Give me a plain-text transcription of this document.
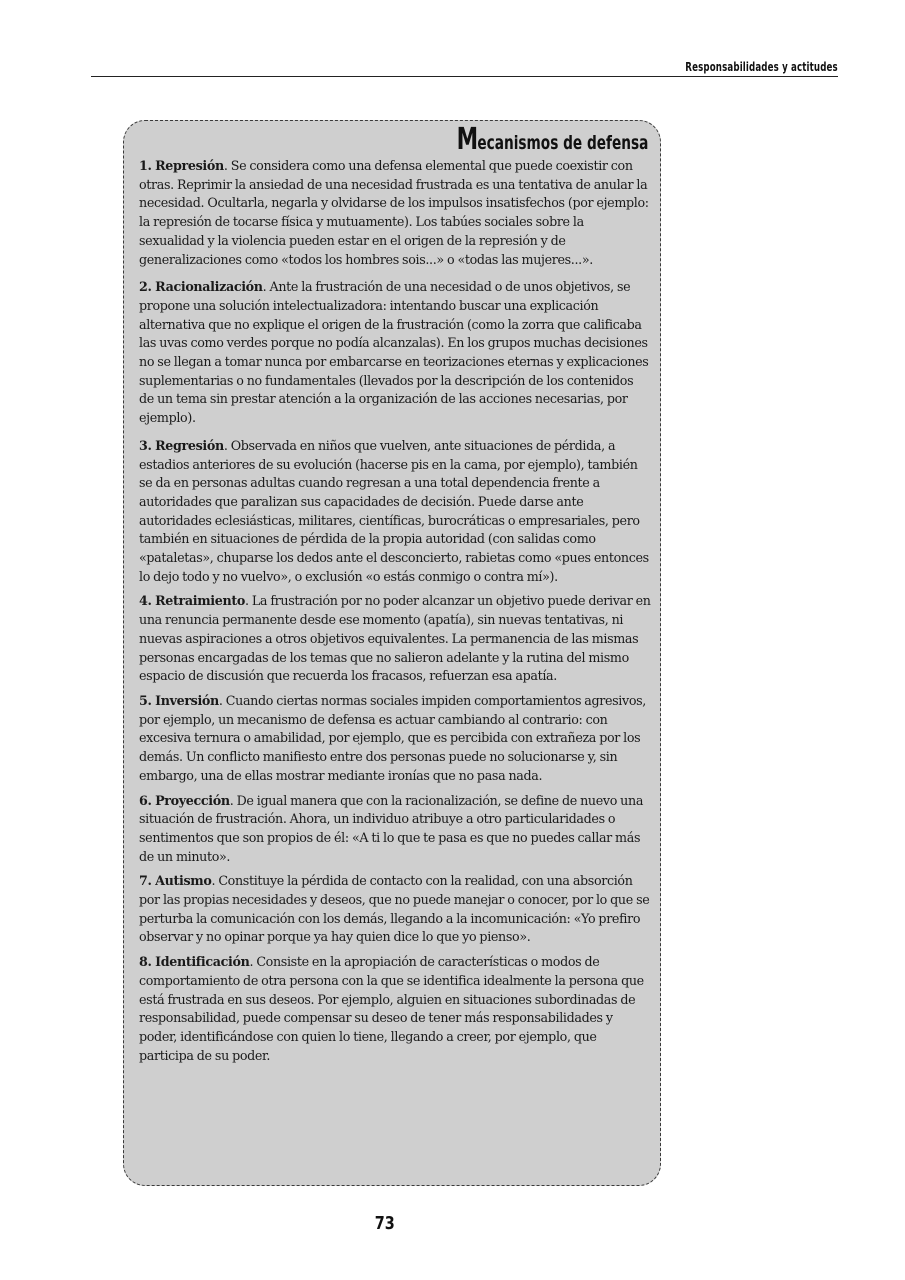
Responsabilidades y actitudes
Mecanismos de defensa

1. Represión. Se considera como una defensa elemental que puede coexistir con otras. Reprimir la ansiedad de una necesidad frustrada es una tentativa de anular la necesidad. Ocultarla, negarla y olvidarse de los impulsos insatisfechos (por ejemplo: la represión de tocarse física y mutuamente). Los tabúes sociales sobre la sexualidad y la violencia pueden estar en el origen de la represión y de generalizaciones como «todos los hombres sois...» o «todas las mujeres...».

2. Racionalización. Ante la frustración de una necesidad o de unos objetivos, se propone una solución intelectualizadora: intentando buscar una explicación alternativa que no explique el origen de la frustración (como la zorra que calificaba las uvas como verdes porque no podía alcanzalas). En los grupos muchas decisiones no se llegan a tomar nunca por embarcarse en teorizaciones eternas y explicaciones suplementarias o no fundamentales (llevados por la descripción de los contenidos de un tema sin prestar atención a la organización de las acciones necesarias, por ejemplo).

3. Regresión. Observada en niños que vuelven, ante situaciones de pérdida, a estadios anteriores de su evolución (hacerse pis en la cama, por ejemplo), también se da en personas adultas cuando regresan a una total dependencia frente a autoridades que paralizan sus capacidades de decisión. Puede darse ante autoridades eclesiásticas, militares, científicas, burocráticas o empresariales, pero también en situaciones de pérdida de la propia autoridad (con salidas como «pataletas», chuparse los dedos ante el desconcierto, rabietas como «pues entonces lo dejo todo y no vuelvo», o exclusión «o estás conmigo o contra mí»).

4. Retraimiento. La frustración por no poder alcanzar un objetivo puede derivar en una renuncia permanente desde ese momento (apatía), sin nuevas tentativas, ni nuevas aspiraciones a otros objetivos equivalentes. La permanencia de las mismas personas encargadas de los temas que no salieron adelante y la rutina del mismo espacio de discusión que recuerda los fracasos, refuerzan esa apatía.

5. Inversión. Cuando ciertas normas sociales impiden comportamientos agresivos, por ejemplo, un mecanismo de defensa es actuar cambiando al contrario: con excesiva ternura o amabilidad, por ejemplo, que es percibida con extrañeza por los demás. Un conflicto manifiesto entre dos personas puede no solucionarse y, sin embargo, una de ellas mostrar mediante ironías que no pasa nada.

6. Proyección. De igual manera que con la racionalización, se define de nuevo una situación de frustración. Ahora, un individuo atribuye a otro particularidades o sentimentos que son propios de él: «A ti lo que te pasa es que no puedes callar más de un minuto».

7. Autismo. Constituye la pérdida de contacto con la realidad, con una absorción por las propias necesidades y deseos, que no puede manejar o conocer, por lo que se perturba la comunicación con los demás, llegando a la incomunicación: «Yo prefiro observar y no opinar porque ya hay quien dice lo que yo pienso».

8. Identificación. Consiste en la apropiación de características o modos de comportamiento de otra persona con la que se identifica idealmente la persona que está frustrada en sus deseos. Por ejemplo, alguien en situaciones subordinadas de responsabilidad, puede compensar su deseo de tener más responsabilidades y poder, identificándose con quien lo tiene, llegando a creer, por ejemplo, que participa de su poder.

73
